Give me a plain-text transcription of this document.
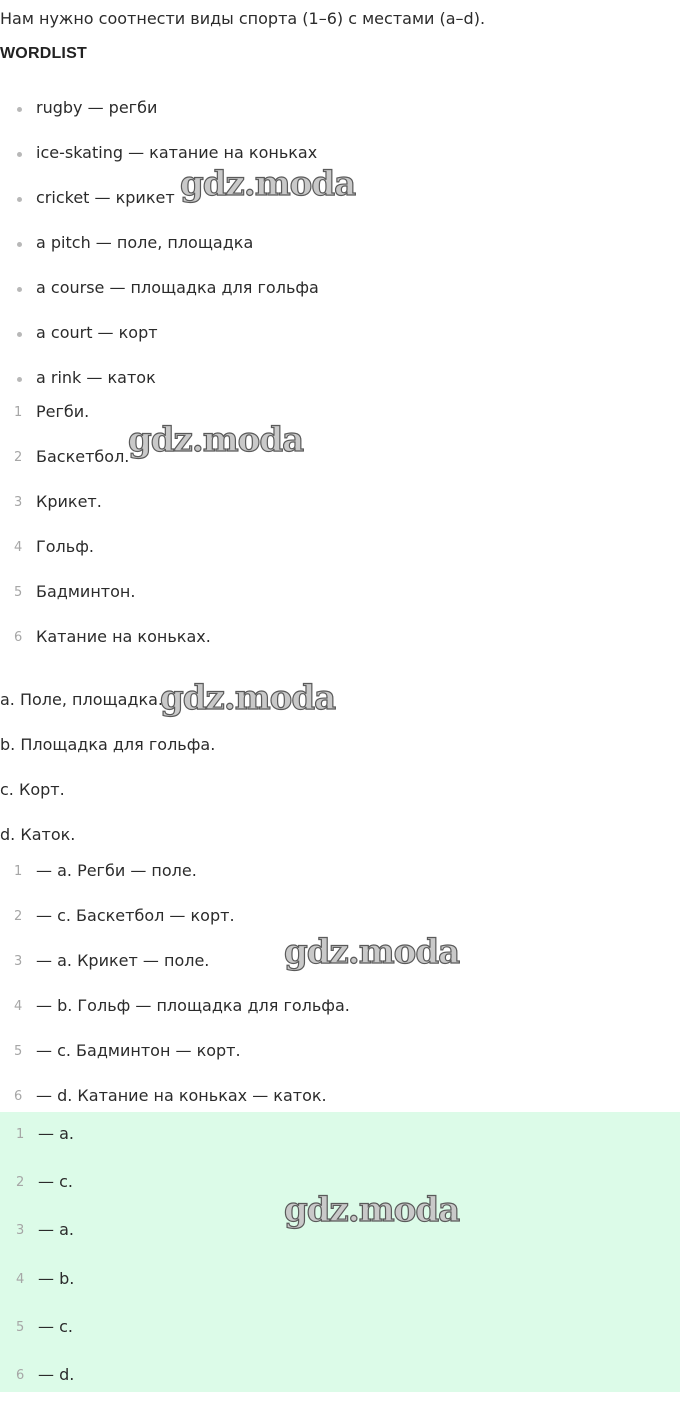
Нам нужно соотнести виды спорта (1–6) с местами (a–d).

WORDLIST

rugby — регби
ice-skating — катание на коньках
cricket — крикет
a pitch — поле, площадка
a course — площадка для гольфа
a court — корт
a rink — каток
1 Регби.
2 Баскетбол.
3 Крикет.
4 Гольф.
5 Бадминтон.
6 Катание на коньках.

a. Поле, площадка.

b. Площадка для гольфа.

c. Корт.

d. Каток.

1 — a. Регби — поле.
2 — c. Баскетбол — корт.
3 — a. Крикет — поле.
4 — b. Гольф — площадка для гольфа.
5 — c. Бадминтон — корт.
6 — d. Катание на коньках — каток.
1 — a.
2 — c.
3 — a.
4 — b.
5 — c.
6 — d.
gdz.moda
gdz.moda
gdz.moda
gdz.moda
gdz.moda
